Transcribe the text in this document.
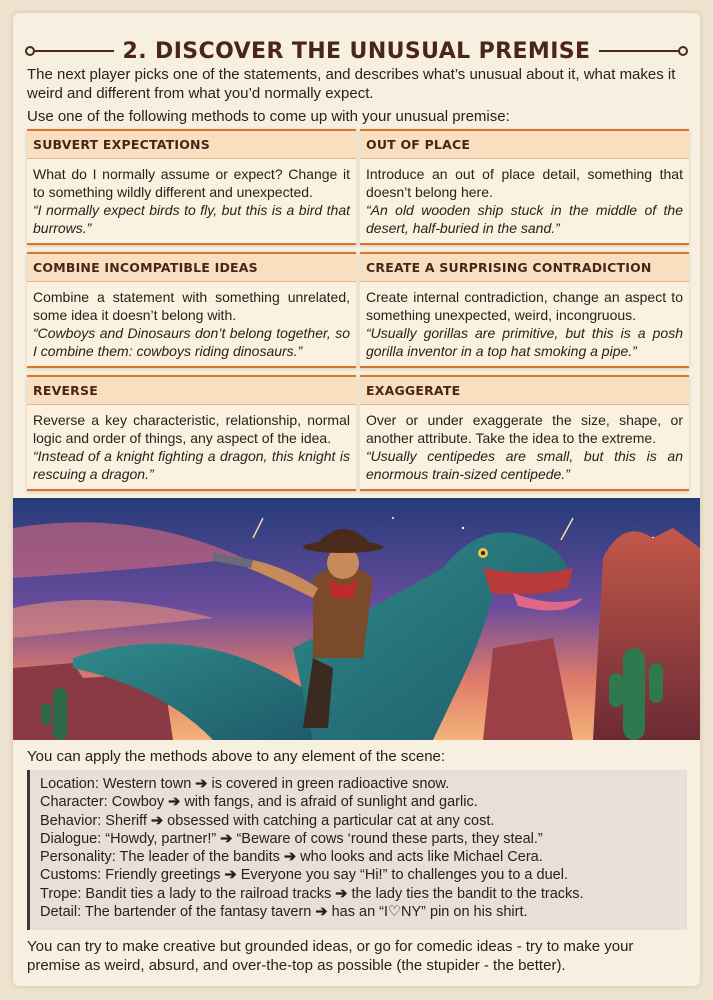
2. DISCOVER THE UNUSUAL PREMISE

The next player picks one of the statements, and describes what’s unusual about it, what makes it weird and different from what you’d normally expect.

Use one of the following methods to come up with your unusual premise:

SUBVERT EXPECTATIONS
What do I normally assume or expect? Change it to something wildly different and unexpected.
“I normally expect birds to fly, but this is a bird that burrows.”
OUT OF PLACE
Introduce an out of place detail, something that doesn’t belong here.
“An old wooden ship stuck in the middle of the desert, half-buried in the sand.”
COMBINE INCOMPATIBLE IDEAS
Combine a statement with something unrelated, some idea it doesn’t belong with.
“Cowboys and Dinosaurs don’t belong together, so I combine them: cowboys riding dinosaurs.”
CREATE A SURPRISING CONTRADICTION
Create internal contradiction, change an aspect to something unexpected, weird, incongruous.
“Usually gorillas are primitive, but this is a posh gorilla inventor in a top hat smoking a pipe.”
REVERSE
Reverse a key characteristic, relationship, normal logic and order of things, any aspect of the idea.
“Instead of a knight fighting a dragon, this knight is rescuing a dragon.”
EXAGGERATE
Over or under exaggerate the size, shape, or another attribute. Take the idea to the extreme.
“Usually centipedes are small, but this is an enormous train-sized centipede.”

You can apply the methods above to any element of the scene:

Location: Western town ➔ is covered in green radioactive snow.
Character: Cowboy ➔ with fangs, and is afraid of sunlight and garlic.
Behavior: Sheriff ➔ obsessed with catching a particular cat at any cost.
Dialogue: “Howdy, partner!” ➔ “Beware of cows ‘round these parts, they steal.”
Personality: The leader of the bandits ➔ who looks and acts like Michael Cera.
Customs: Friendly greetings ➔ Everyone you say “Hi!” to challenges you to a duel.
Trope: Bandit ties a lady to the railroad tracks ➔ the lady ties the bandit to the tracks.
Detail: The bartender of the fantasy tavern ➔ has an “I♡NY” pin on his shirt.

You can try to make creative but grounded ideas, or go for comedic ideas - try to make your premise as weird, absurd, and over-the-top as possible (the stupider - the better).
